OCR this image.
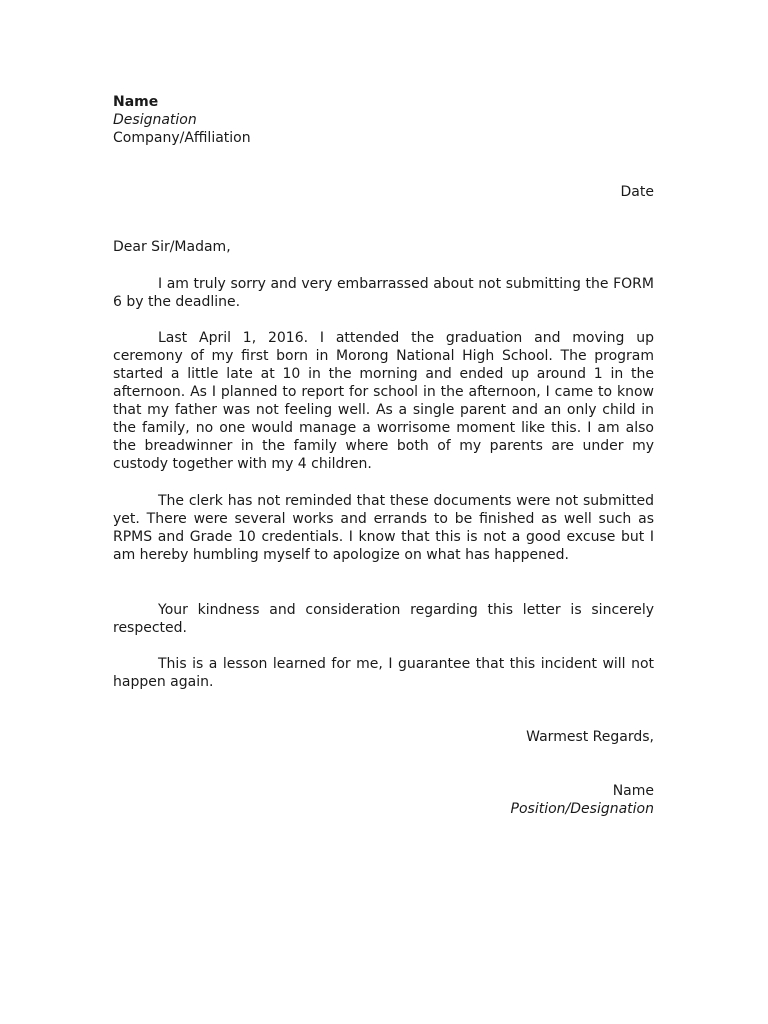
Name
Designation
Company/Affiliation
Date
Dear Sir/Madam,

I am truly sorry and very embarrassed about not submitting the FORM 6 by the deadline.

Last April 1, 2016. I attended the graduation and moving up ceremony of my first born in Morong National High School. The program started a little late at 10 in the morning and ended up around 1 in the afternoon. As I planned to report for school in the afternoon, I came to know that my father was not feeling well. As a single parent and an only child in the family, no one would manage a worrisome moment like this. I am also the breadwinner in the family where both of my parents are under my custody together with my 4 children.

The clerk has not reminded that these documents were not submitted yet. There were several works and errands to be finished as well such as RPMS and Grade 10 credentials. I know that this is not a good excuse but I am hereby humbling myself to apologize on what has happened.

Your kindness and consideration regarding this letter is sincerely respected.

This is a lesson learned for me, I guarantee that this incident will not happen again.

Warmest Regards,
Name
Position/Designation
